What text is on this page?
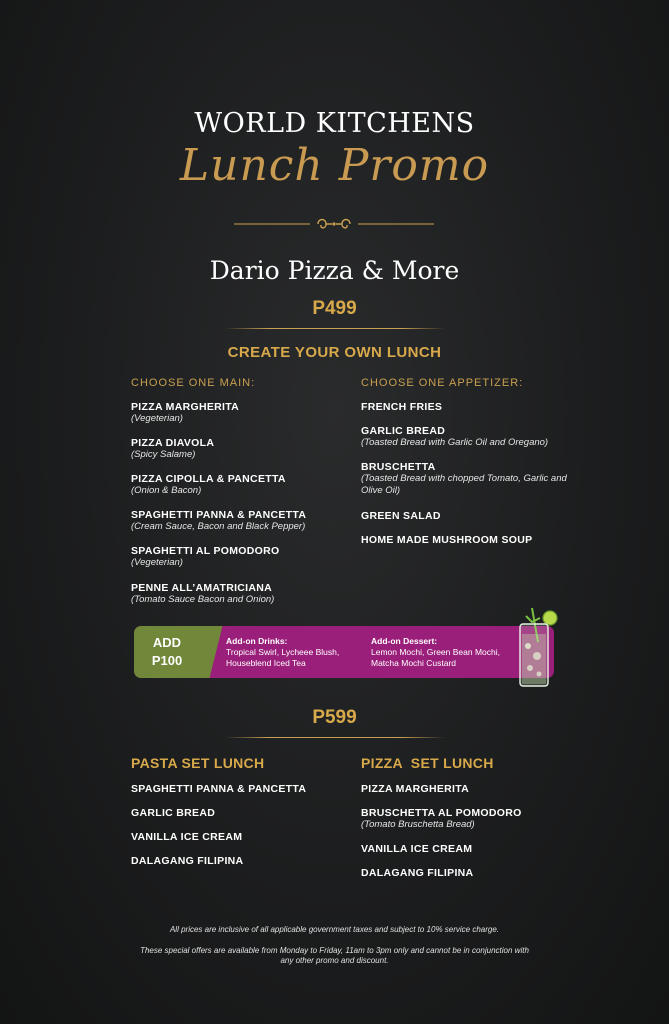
WORLD KITCHENS
Lunch Promo
Dario Pizza & More
P499
CREATE YOUR OWN LUNCH
CHOOSE ONE MAIN:	CHOOSE ONE APPETIZER:
PIZZA MARGHERITA
(Vegeterian)
PIZZA DIAVOLA
(Spicy Salame)
PIZZA CIPOLLA & PANCETTA
(Onion & Bacon)
SPAGHETTI PANNA & PANCETTA
(Cream Sauce, Bacon and Black Pepper)
SPAGHETTI AL POMODORO
(Vegeterian)
PENNE ALL’AMATRICIANA
(Tomato Sauce Bacon and Onion)
FRENCH FRIES
GARLIC BREAD
(Toasted Bread with Garlic Oil and Oregano)
BRUSCHETTA
(Toasted Bread with chopped Tomato, Garlic and Olive Oil)
GREEN SALAD
HOME MADE MUSHROOM SOUP
ADD
P100
Add-on Drinks:
Tropical Swirl, Lycheee Blush, Houseblend Iced Tea
Add-on Dessert:
Lemon Mochi, Green Bean Mochi, Matcha Mochi Custard
P599
PASTA SET LUNCH
SPAGHETTI PANNA & PANCETTA
GARLIC BREAD
VANILLA ICE CREAM
DALAGANG FILIPINA
PIZZA  SET LUNCH
PIZZA MARGHERITA
BRUSCHETTA AL POMODORO
(Tomato Bruschetta Bread)
VANILLA ICE CREAM
DALAGANG FILIPINA
All prices are inclusive of all applicable government taxes and subject to 10% service charge.
These special offers are available from Monday to Friday, 11am to 3pm only and cannot be in conjunction with any other promo and discount.
